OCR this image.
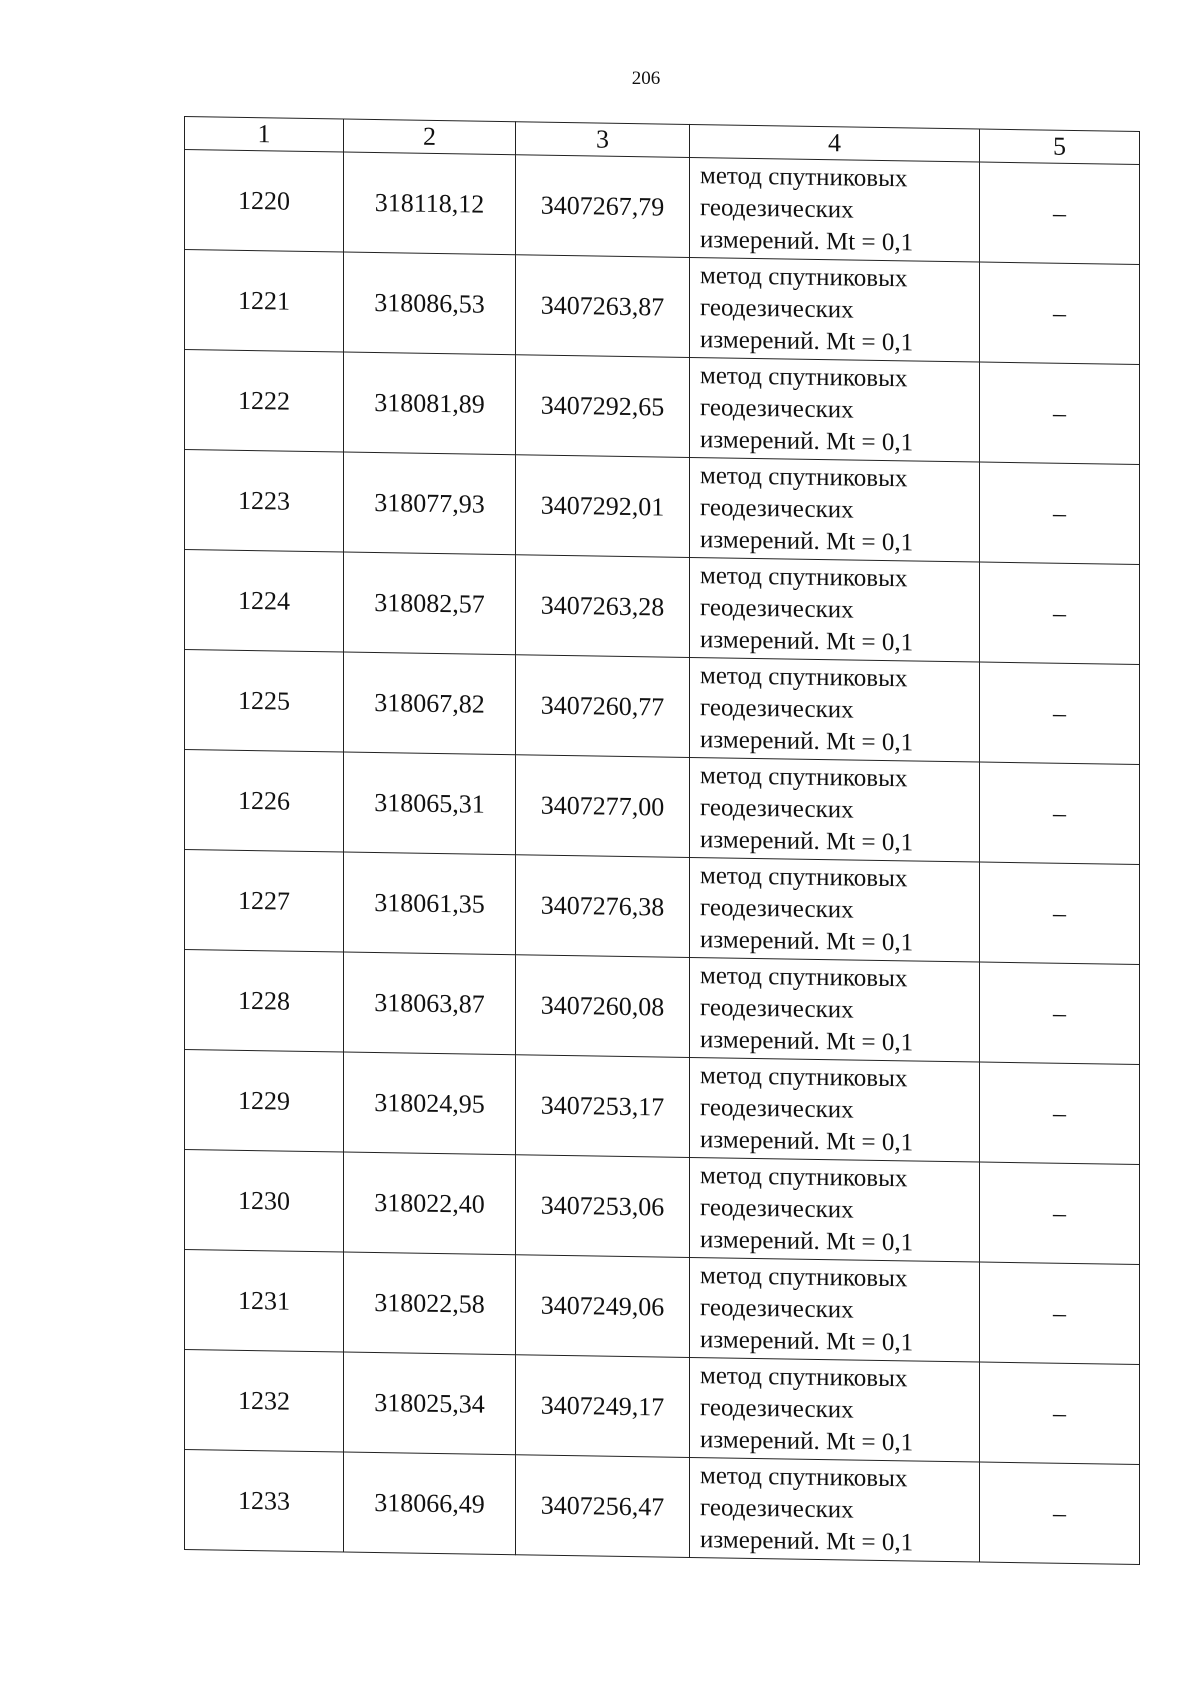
206
1	2	3	4	5
1220	318118,12	3407267,79	метод спутниковых геодезических измерений. Mt = 0,1	–
1221	318086,53	3407263,87	метод спутниковых геодезических измерений. Mt = 0,1	–
1222	318081,89	3407292,65	метод спутниковых геодезических измерений. Mt = 0,1	–
1223	318077,93	3407292,01	метод спутниковых геодезических измерений. Mt = 0,1	–
1224	318082,57	3407263,28	метод спутниковых геодезических измерений. Mt = 0,1	–
1225	318067,82	3407260,77	метод спутниковых геодезических измерений. Mt = 0,1	–
1226	318065,31	3407277,00	метод спутниковых геодезических измерений. Mt = 0,1	–
1227	318061,35	3407276,38	метод спутниковых геодезических измерений. Mt = 0,1	–
1228	318063,87	3407260,08	метод спутниковых геодезических измерений. Mt = 0,1	–
1229	318024,95	3407253,17	метод спутниковых геодезических измерений. Mt = 0,1	–
1230	318022,40	3407253,06	метод спутниковых геодезических измерений. Mt = 0,1	–
1231	318022,58	3407249,06	метод спутниковых геодезических измерений. Mt = 0,1	–
1232	318025,34	3407249,17	метод спутниковых геодезических измерений. Mt = 0,1	–
1233	318066,49	3407256,47	метод спутниковых геодезических измерений. Mt = 0,1	–
